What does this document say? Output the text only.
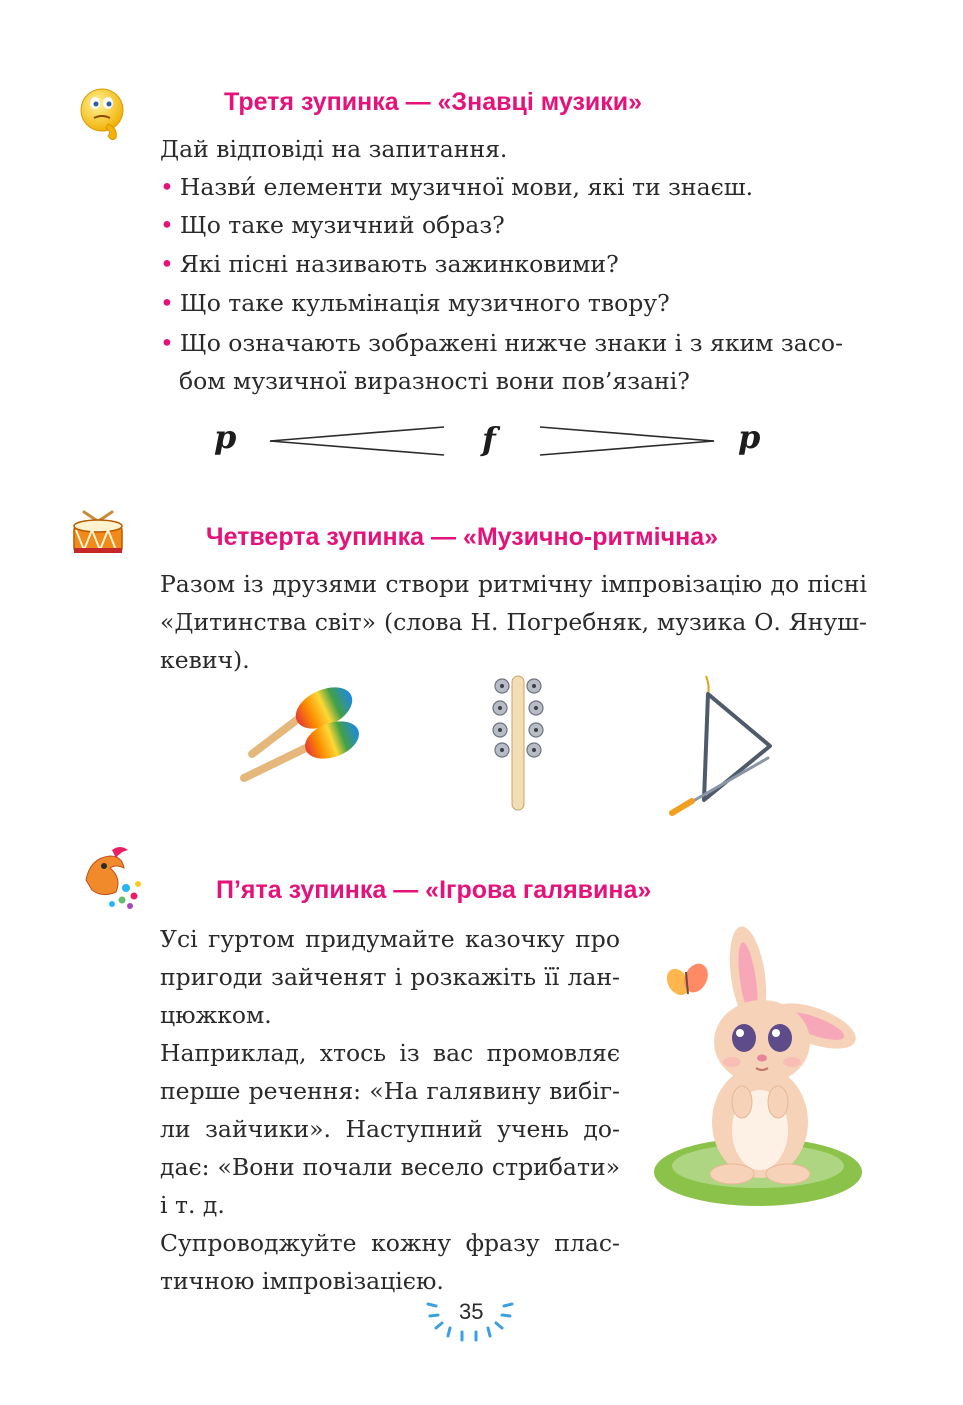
Третя зупинка — «Знавці музики»
Дай відповіді на запитання.
• Назви́ елементи музичної мови, які ти знаєш.
• Що таке музичний образ?
• Які пісні називають зажинковими?
• Що таке кульмінація музичного твору?
• Що означають зображені нижче знаки і з яким засо-
бом музичної виразності вони пов’язані?
p	f	p
Четверта зупинка — «Музично-ритмічна»
Разом із друзями створи ритмічну імпровізацію до пісні
«Дитинства світ» (слова Н. Погребняк, музика О. Януш-
кевич).
П’ята зупинка — «Ігрова галявина»
Усі гуртом придумайте казочку про
пригоди зайченят і розкажіть її лан-
цюжком.
Наприклад, хтось із вас промовляє
перше речення: «На галявину вибіг-
ли зайчики». Наступний учень до-
дає: «Вони почали весело стрибати»
і т. д.
Супроводжуйте кожну фразу плас-
тичною імпровізацією.
35
